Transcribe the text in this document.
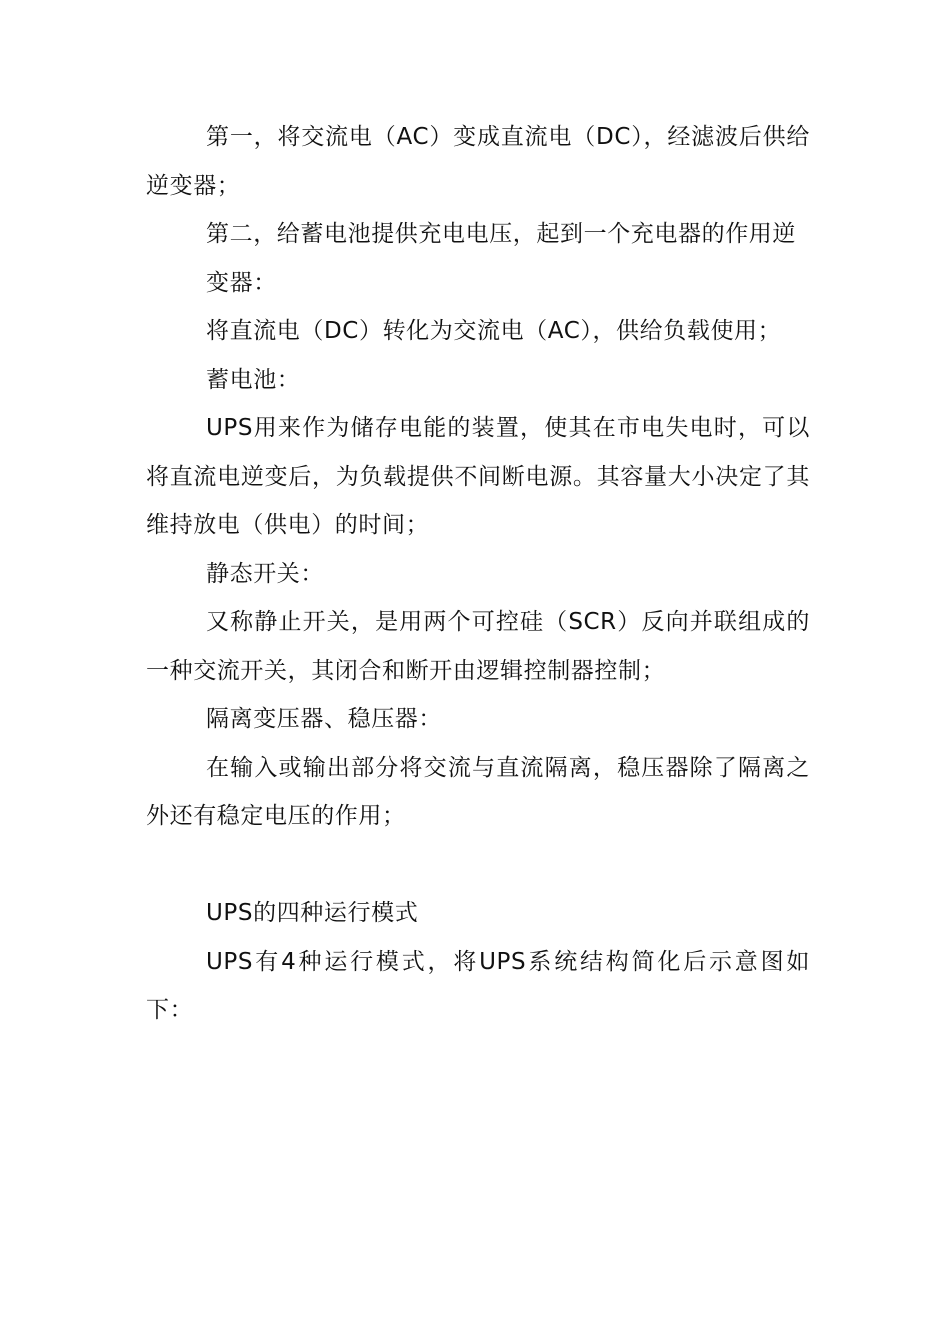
第一，将交流电（AC）变成直流电（DC），经滤波后供给逆变器；

第二，给蓄电池提供充电电压，起到一个充电器的作用逆

变器：

将直流电（DC）转化为交流电（AC），供给负载使用；

蓄电池：

UPS用来作为储存电能的装置，使其在市电失电时，可以将直流电逆变后，为负载提供不间断电源。其容量大小决定了其维持放电（供电）的时间；

静态开关：

又称静止开关，是用两个可控硅（SCR）反向并联组成的一种交流开关，其闭合和断开由逻辑控制器控制；

隔离变压器、稳压器：

在输入或输出部分将交流与直流隔离，稳压器除了隔离之外还有稳定电压的作用；

UPS的四种运行模式

UPS有4种运行模式，将UPS系统结构简化后示意图如下：
